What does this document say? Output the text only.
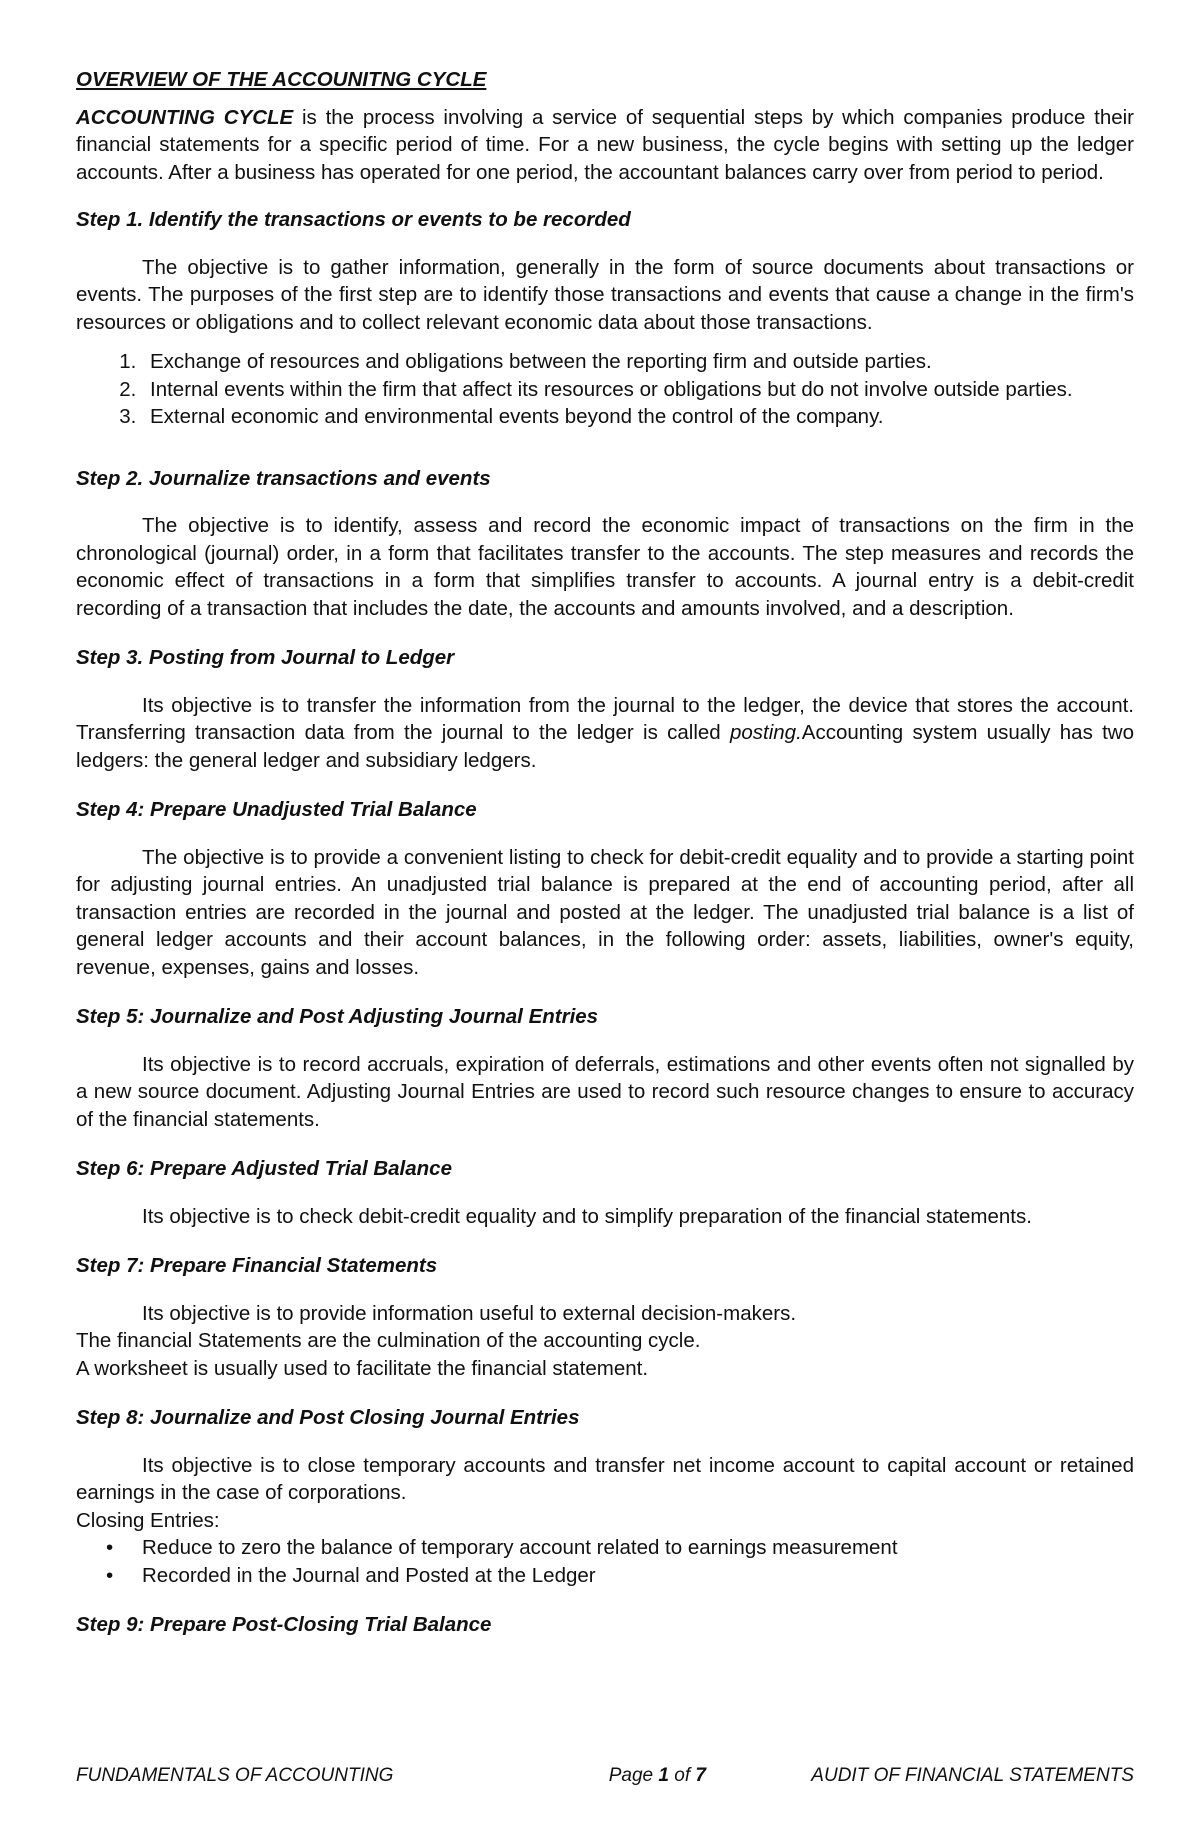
OVERVIEW OF THE ACCOUNITNG CYCLE

ACCOUNTING CYCLE is the process involving a service of sequential steps by which companies produce their financial statements for a specific period of time. For a new business, the cycle begins with setting up the ledger accounts. After a business has operated for one period, the accountant balances carry over from period to period.

Step 1. Identify the transactions or events to be recorded

The objective is to gather information, generally in the form of source documents about transactions or events. The purposes of the first step are to identify those transactions and events that cause a change in the firm's resources or obligations and to collect relevant economic data about those transactions.

1. Exchange of resources and obligations between the reporting firm and outside parties.
2. Internal events within the firm that affect its resources or obligations but do not involve outside parties.
3. External economic and environmental events beyond the control of the company.
Step 2. Journalize transactions and events

The objective is to identify, assess and record the economic impact of transactions on the firm in the chronological (journal) order, in a form that facilitates transfer to the accounts. The step measures and records the economic effect of transactions in a form that simplifies transfer to accounts. A journal entry is a debit-credit recording of a transaction that includes the date, the accounts and amounts involved, and a description.

Step 3. Posting from Journal to Ledger

Its objective is to transfer the information from the journal to the ledger, the device that stores the account. Transferring transaction data from the journal to the ledger is called posting.Accounting system usually has two ledgers: the general ledger and subsidiary ledgers.

Step 4: Prepare Unadjusted Trial Balance

The objective is to provide a convenient listing to check for debit-credit equality and to provide a starting point for adjusting journal entries. An unadjusted trial balance is prepared at the end of accounting period, after all transaction entries are recorded in the journal and posted at the ledger. The unadjusted trial balance is a list of general ledger accounts and their account balances, in the following order: assets, liabilities, owner's equity, revenue, expenses, gains and losses.

Step 5: Journalize and Post Adjusting Journal Entries

Its objective is to record accruals, expiration of deferrals, estimations and other events often not signalled by a new source document. Adjusting Journal Entries are used to record such resource changes to ensure to accuracy of the financial statements.

Step 6: Prepare Adjusted Trial Balance

Its objective is to check debit-credit equality and to simplify preparation of the financial statements.

Step 7: Prepare Financial Statements
Its objective is to provide information useful to external decision-makers.
The financial Statements are the culmination of the accounting cycle.
A worksheet is usually used to facilitate the financial statement.
Step 8: Journalize and Post Closing Journal Entries

Its objective is to close temporary accounts and transfer net income account to capital account or retained earnings in the case of corporations.

Closing Entries:
• Reduce to zero the balance of temporary account related to earnings measurement
• Recorded in the Journal and Posted at the Ledger
Step 9: Prepare Post-Closing Trial Balance
FUNDAMENTALS OF ACCOUNTING	Page 1 of 7	AUDIT OF FINANCIAL STATEMENTS
